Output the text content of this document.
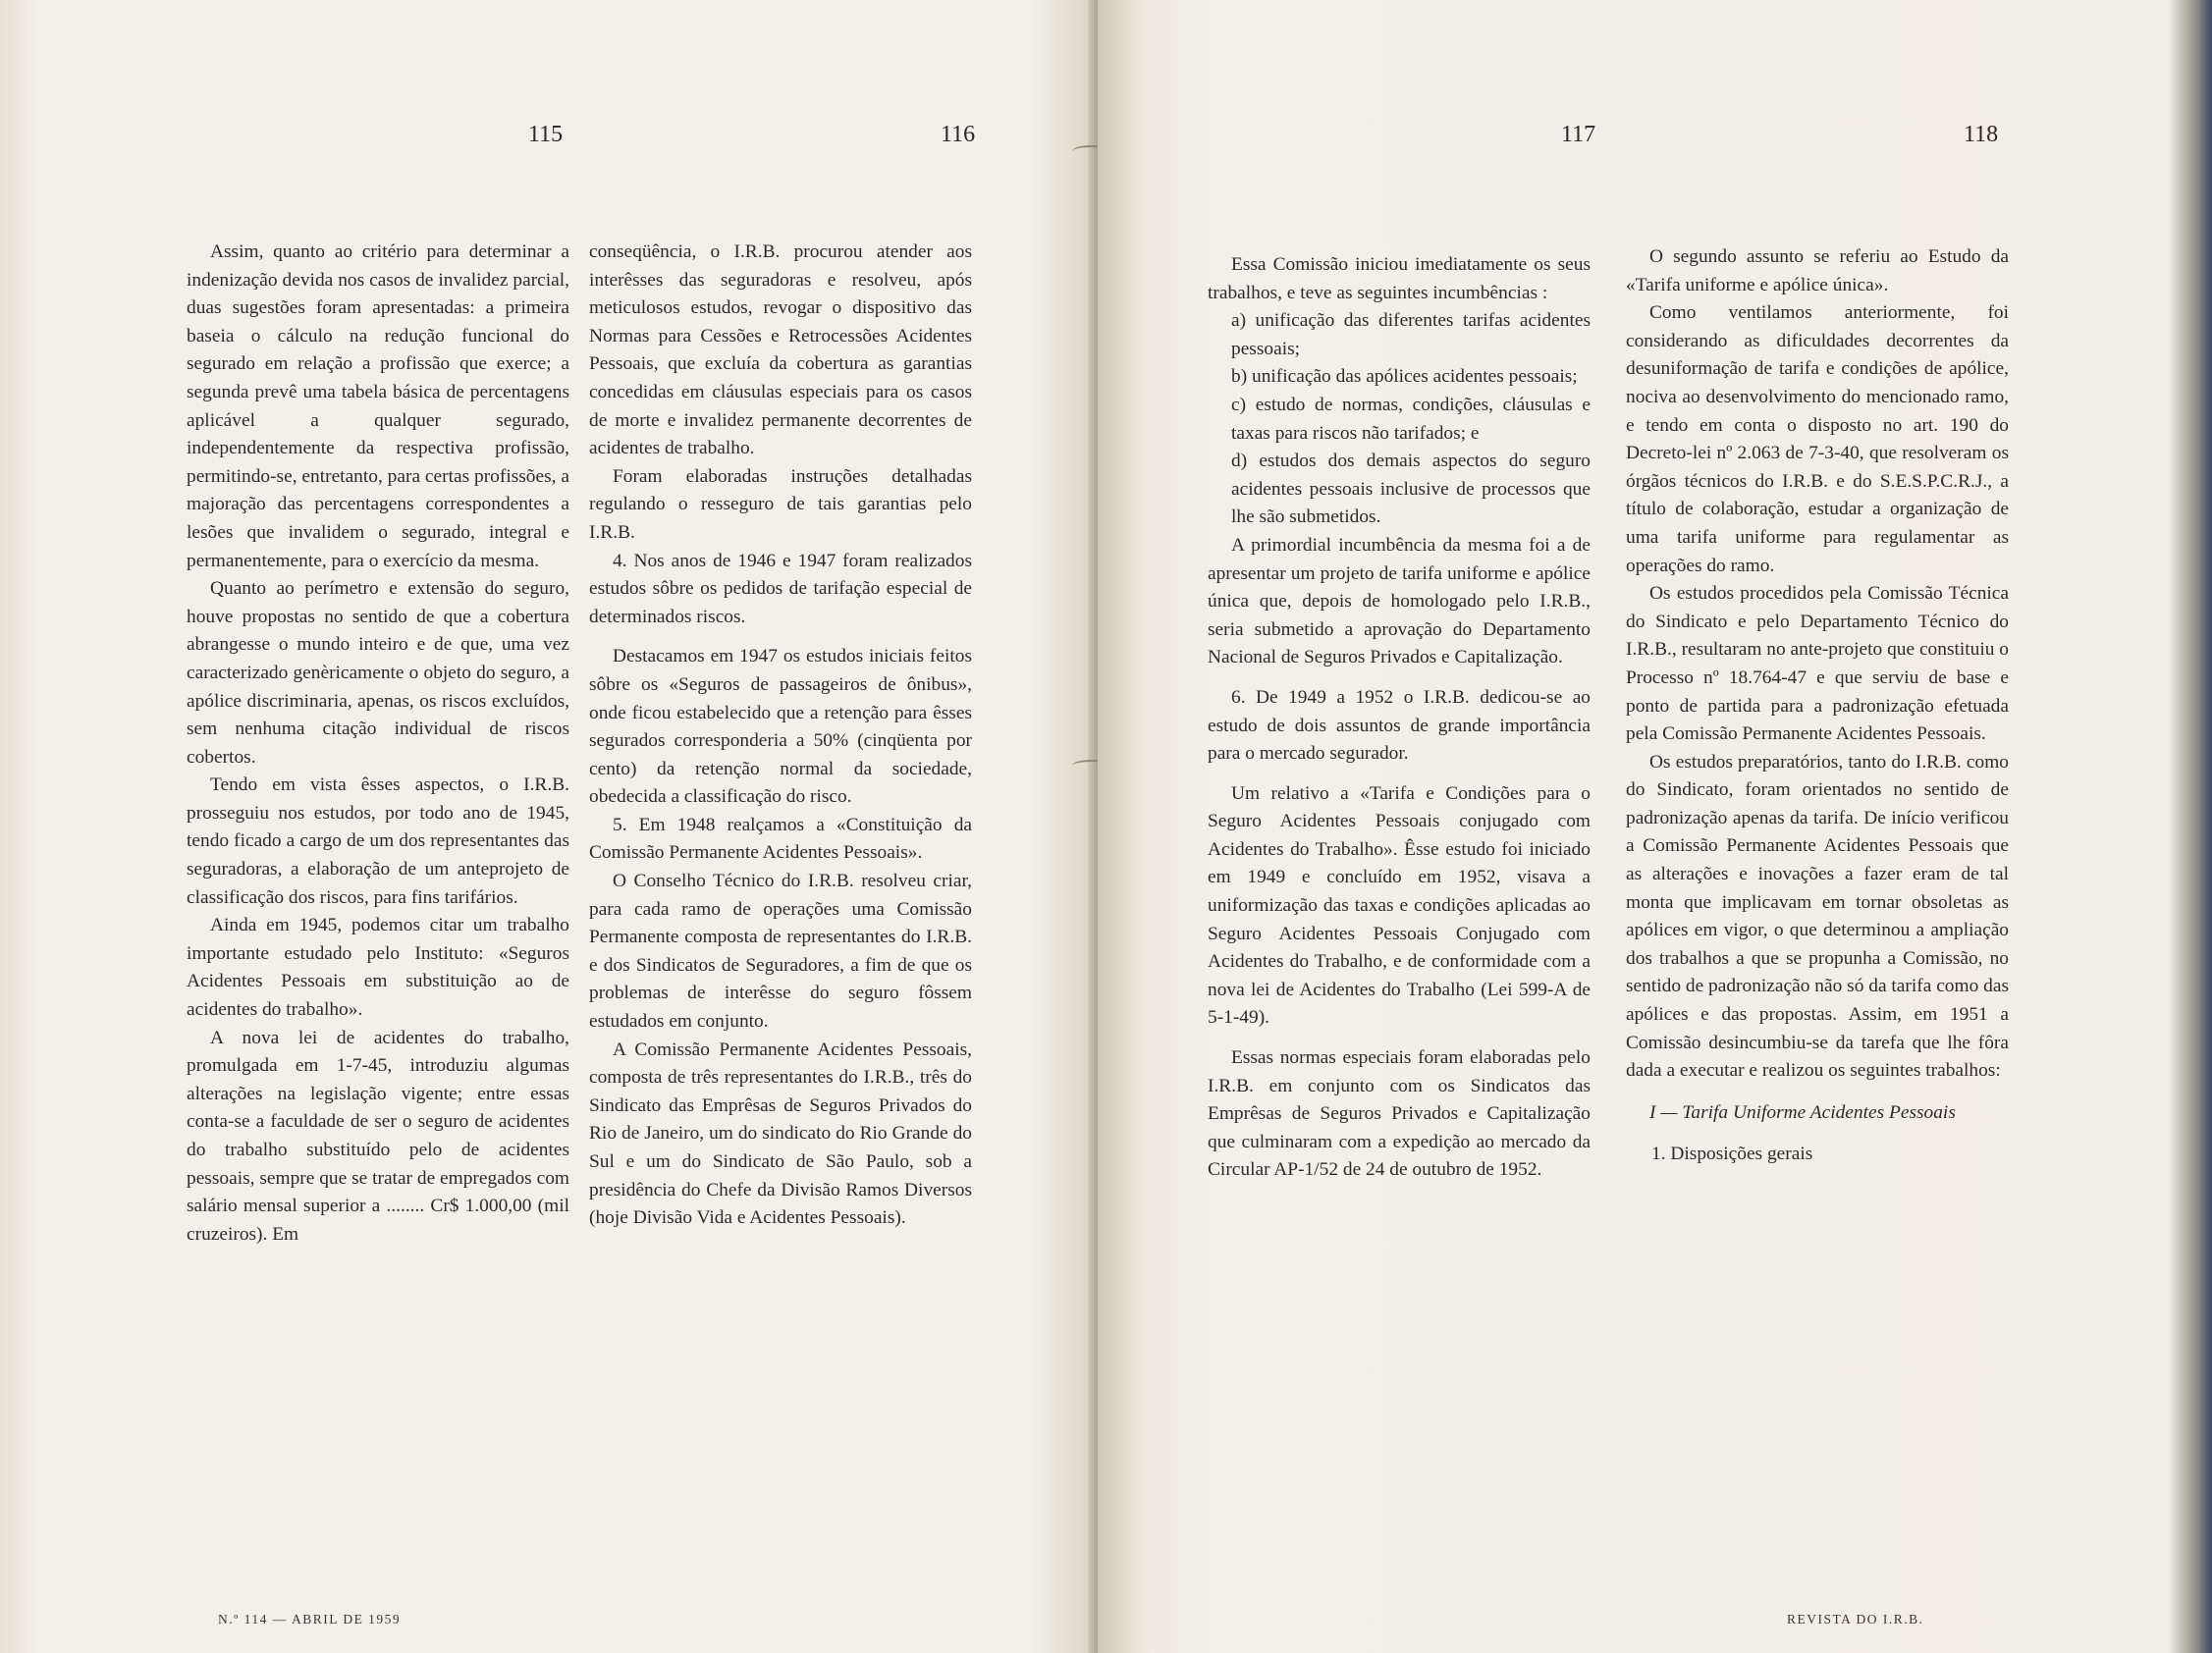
115	116

Assim, quanto ao critério para determinar a indenização devida nos casos de invalidez parcial, duas sugestões foram apresentadas: a primeira baseia o cálculo na redução funcional do segurado em relação a profissão que exerce; a segunda prevê uma tabela básica de percentagens aplicável a qualquer segurado, independentemente da respectiva profissão, permitindo-se, entretanto, para certas profissões, a majoração das percentagens correspondentes a lesões que invalidem o segurado, integral e permanentemente, para o exercício da mesma.

Quanto ao perímetro e extensão do seguro, houve propostas no sentido de que a cobertura abrangesse o mundo inteiro e de que, uma vez caracterizado genèricamente o objeto do seguro, a apólice discriminaria, apenas, os riscos excluídos, sem nenhuma citação individual de riscos cobertos.

Tendo em vista êsses aspectos, o I.R.B. prosseguiu nos estudos, por todo ano de 1945, tendo ficado a cargo de um dos representantes das seguradoras, a elaboração de um anteprojeto de classificação dos riscos, para fins tarifários.

Ainda em 1945, podemos citar um trabalho importante estudado pelo Instituto: «Seguros Acidentes Pessoais em substituição ao de acidentes do trabalho».

A nova lei de acidentes do trabalho, promulgada em 1-7-45, introduziu algumas alterações na legislação vigente; entre essas conta-se a faculdade de ser o seguro de acidentes do trabalho substituído pelo de acidentes pessoais, sempre que se tratar de empregados com salário mensal superior a ........ Cr$ 1.000,00 (mil cruzeiros). Em

conseqüência, o I.R.B. procurou atender aos interêsses das seguradoras e resolveu, após meticulosos estudos, revogar o dispositivo das Normas para Cessões e Retrocessões Acidentes Pessoais, que excluía da cobertura as garantias concedidas em cláusulas especiais para os casos de morte e invalidez permanente decorrentes de acidentes de trabalho.

Foram elaboradas instruções detalhadas regulando o resseguro de tais garantias pelo I.R.B.

4. Nos anos de 1946 e 1947 foram realizados estudos sôbre os pedidos de tarifação especial de determinados riscos.

Destacamos em 1947 os estudos iniciais feitos sôbre os «Seguros de passageiros de ônibus», onde ficou estabelecido que a retenção para êsses segurados corresponderia a 50% (cinqüenta por cento) da retenção normal da sociedade, obedecida a classificação do risco.

5. Em 1948 realçamos a «Constituição da Comissão Permanente Acidentes Pessoais».

O Conselho Técnico do I.R.B. resolveu criar, para cada ramo de operações uma Comissão Permanente composta de representantes do I.R.B. e dos Sindicatos de Seguradores, a fim de que os problemas de interêsse do seguro fôssem estudados em conjunto.

A Comissão Permanente Acidentes Pessoais, composta de três representantes do I.R.B., três do Sindicato das Emprêsas de Seguros Privados do Rio de Janeiro, um do sindicato do Rio Grande do Sul e um do Sindicato de São Paulo, sob a presidência do Chefe da Divisão Ramos Diversos (hoje Divisão Vida e Acidentes Pessoais).

N.º 114 — ABRIL DE 1959
117	118

Essa Comissão iniciou imediatamente os seus trabalhos, e teve as seguintes incumbências :

a) unificação das diferentes tarifas acidentes pessoais;

b) unificação das apólices acidentes pessoais;

c) estudo de normas, condições, cláusulas e taxas para riscos não tarifados; e

d) estudos dos demais aspectos do seguro acidentes pessoais inclusive de processos que lhe são submetidos.

A primordial incumbência da mesma foi a de apresentar um projeto de tarifa uniforme e apólice única que, depois de homologado pelo I.R.B., seria submetido a aprovação do Departamento Nacional de Seguros Privados e Capitalização.

6. De 1949 a 1952 o I.R.B. dedicou-se ao estudo de dois assuntos de grande importância para o mercado segurador.

Um relativo a «Tarifa e Condições para o Seguro Acidentes Pessoais conjugado com Acidentes do Trabalho». Êsse estudo foi iniciado em 1949 e concluído em 1952, visava a uniformização das taxas e condições aplicadas ao Seguro Acidentes Pessoais Conjugado com Acidentes do Trabalho, e de conformidade com a nova lei de Acidentes do Trabalho (Lei 599-A de 5-1-49).

Essas normas especiais foram elaboradas pelo I.R.B. em conjunto com os Sindicatos das Emprêsas de Seguros Privados e Capitalização que culminaram com a expedição ao mercado da Circular AP-1/52 de 24 de outubro de 1952.

O segundo assunto se referiu ao Estudo da «Tarifa uniforme e apólice única».

Como ventilamos anteriormente, foi considerando as dificuldades decorrentes da desuniformação de tarifa e condições de apólice, nociva ao desenvolvimento do mencionado ramo, e tendo em conta o disposto no art. 190 do Decreto-lei nº 2.063 de 7-3-40, que resolveram os órgãos técnicos do I.R.B. e do S.E.S.P.C.R.J., a título de colaboração, estudar a organização de uma tarifa uniforme para regulamentar as operações do ramo.

Os estudos procedidos pela Comissão Técnica do Sindicato e pelo Departamento Técnico do I.R.B., resultaram no ante-projeto que constituiu o Processo nº 18.764-47 e que serviu de base e ponto de partida para a padronização efetuada pela Comissão Permanente Acidentes Pessoais.

Os estudos preparatórios, tanto do I.R.B. como do Sindicato, foram orientados no sentido de padronização apenas da tarifa. De início verificou a Comissão Permanente Acidentes Pessoais que as alterações e inovações a fazer eram de tal monta que implicavam em tornar obsoletas as apólices em vigor, o que determinou a ampliação dos trabalhos a que se propunha a Comissão, no sentido de padronização não só da tarifa como das apólices e das propostas. Assim, em 1951 a Comissão desincumbiu-se da tarefa que lhe fôra dada a executar e realizou os seguintes trabalhos:

I — Tarifa Uniforme Acidentes Pessoais

1. Disposições gerais

REVISTA DO I.R.B.
